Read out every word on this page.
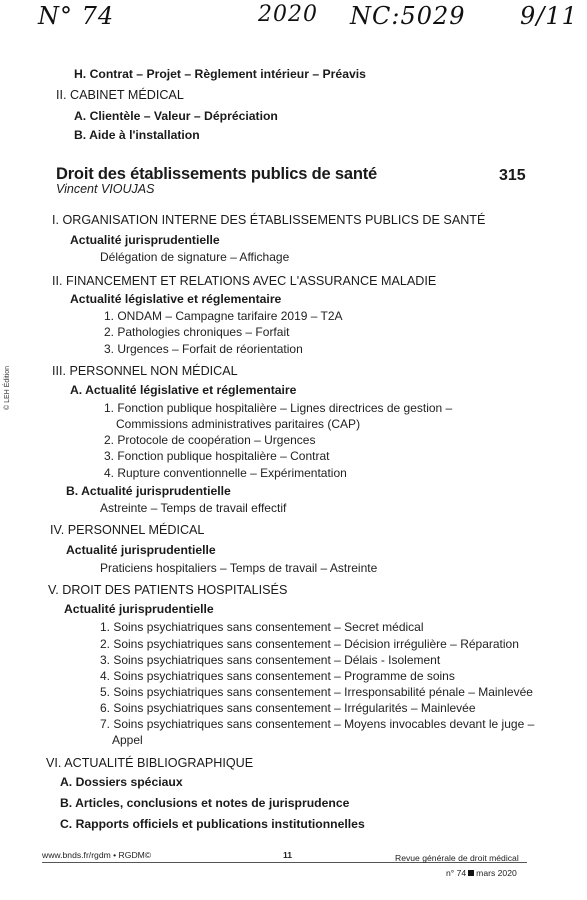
N° 74	2020 NC:5029 9/11
H. Contrat – Projet – Règlement intérieur – Préavis
II. CABINET MÉDICAL
A. Clientèle – Valeur – Dépréciation
B. Aide à l'installation
Droit des établissements publics de santé	315
Vincent VIOUJAS
I. ORGANISATION INTERNE DES ÉTABLISSEMENTS PUBLICS DE SANTÉ
Actualité jurisprudentielle
Délégation de signature – Affichage
II. FINANCEMENT ET RELATIONS AVEC L'ASSURANCE MALADIE
Actualité législative et réglementaire
1. ONDAM – Campagne tarifaire 2019 – T2A
2. Pathologies chroniques – Forfait
3. Urgences – Forfait de réorientation
III. PERSONNEL NON MÉDICAL
A. Actualité législative et réglementaire
1. Fonction publique hospitalière – Lignes directrices de gestion –
Commissions administratives paritaires (CAP)
2. Protocole de coopération – Urgences
3. Fonction publique hospitalière – Contrat
4. Rupture conventionnelle – Expérimentation
B. Actualité jurisprudentielle
Astreinte – Temps de travail effectif
IV. PERSONNEL MÉDICAL
Actualité jurisprudentielle
Praticiens hospitaliers – Temps de travail – Astreinte
V. DROIT DES PATIENTS HOSPITALISÉS
Actualité jurisprudentielle
1. Soins psychiatriques sans consentement – Secret médical
2. Soins psychiatriques sans consentement – Décision irrégulière – Réparation
3. Soins psychiatriques sans consentement – Délais - Isolement
4. Soins psychiatriques sans consentement – Programme de soins
5. Soins psychiatriques sans consentement – Irresponsabilité pénale – Mainlevée
6. Soins psychiatriques sans consentement – Irrégularités – Mainlevée
7. Soins psychiatriques sans consentement – Moyens invocables devant le juge –
Appel
VI. ACTUALITÉ BIBLIOGRAPHIQUE
A. Dossiers spéciaux
B. Articles, conclusions et notes de jurisprudence
C. Rapports officiels et publications institutionnelles
© LEH Édition
www.bnds.fr/rgdm • RGDM©	11	Revue générale de droit médical
n° 74 mars 2020
